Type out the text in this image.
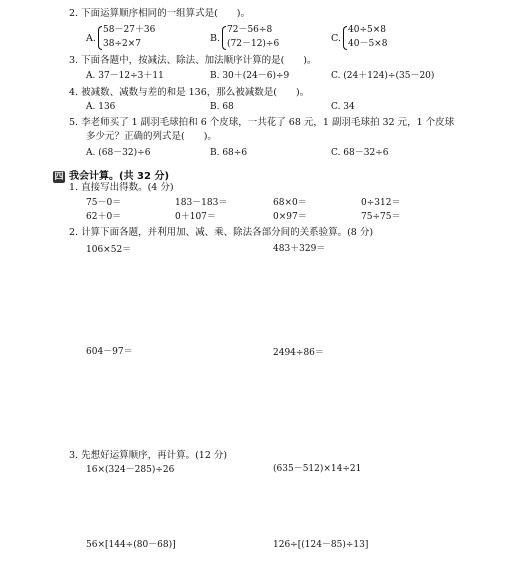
2. 下面运算顺序相同的一组算式是(　　)。
A.
58－27＋36
38÷2×7	B.
72－56÷8
(72－12)÷6	C.
40÷5×8
40－5×8
3. 下面各题中，按减法、除法、加法顺序计算的是(　　)。
A. 37－12÷3＋11	B. 30＋(24－6)÷9	C. (24＋124)÷(35－20)
4. 被减数、减数与差的和是 136，那么被减数是(　　)。
A. 136	B. 68	C. 34
5. 李老师买了 1 副羽毛球拍和 6 个皮球，一共花了 68 元，1 副羽毛球拍 32 元，1 个皮球
多少元？正确的列式是(　　)。
A. (68－32)÷6	B. 68÷6	C. 68－32÷6
四 我会计算。(共 32 分)
1. 直接写出得数。(4 分)
75－0＝	183－183＝	68×0＝	0÷312＝
62＋0＝	0＋107＝	0×97＝	75÷75＝
2. 计算下面各题，并利用加、减、乘、除法各部分间的关系验算。(8 分)
106×52＝	483＋329＝
604－97＝	2494÷86＝
3. 先想好运算顺序，再计算。(12 分)
16×(324－285)÷26	(635－512)×14÷21
56×[144÷(80－68)]	126÷[(124－85)÷13]
